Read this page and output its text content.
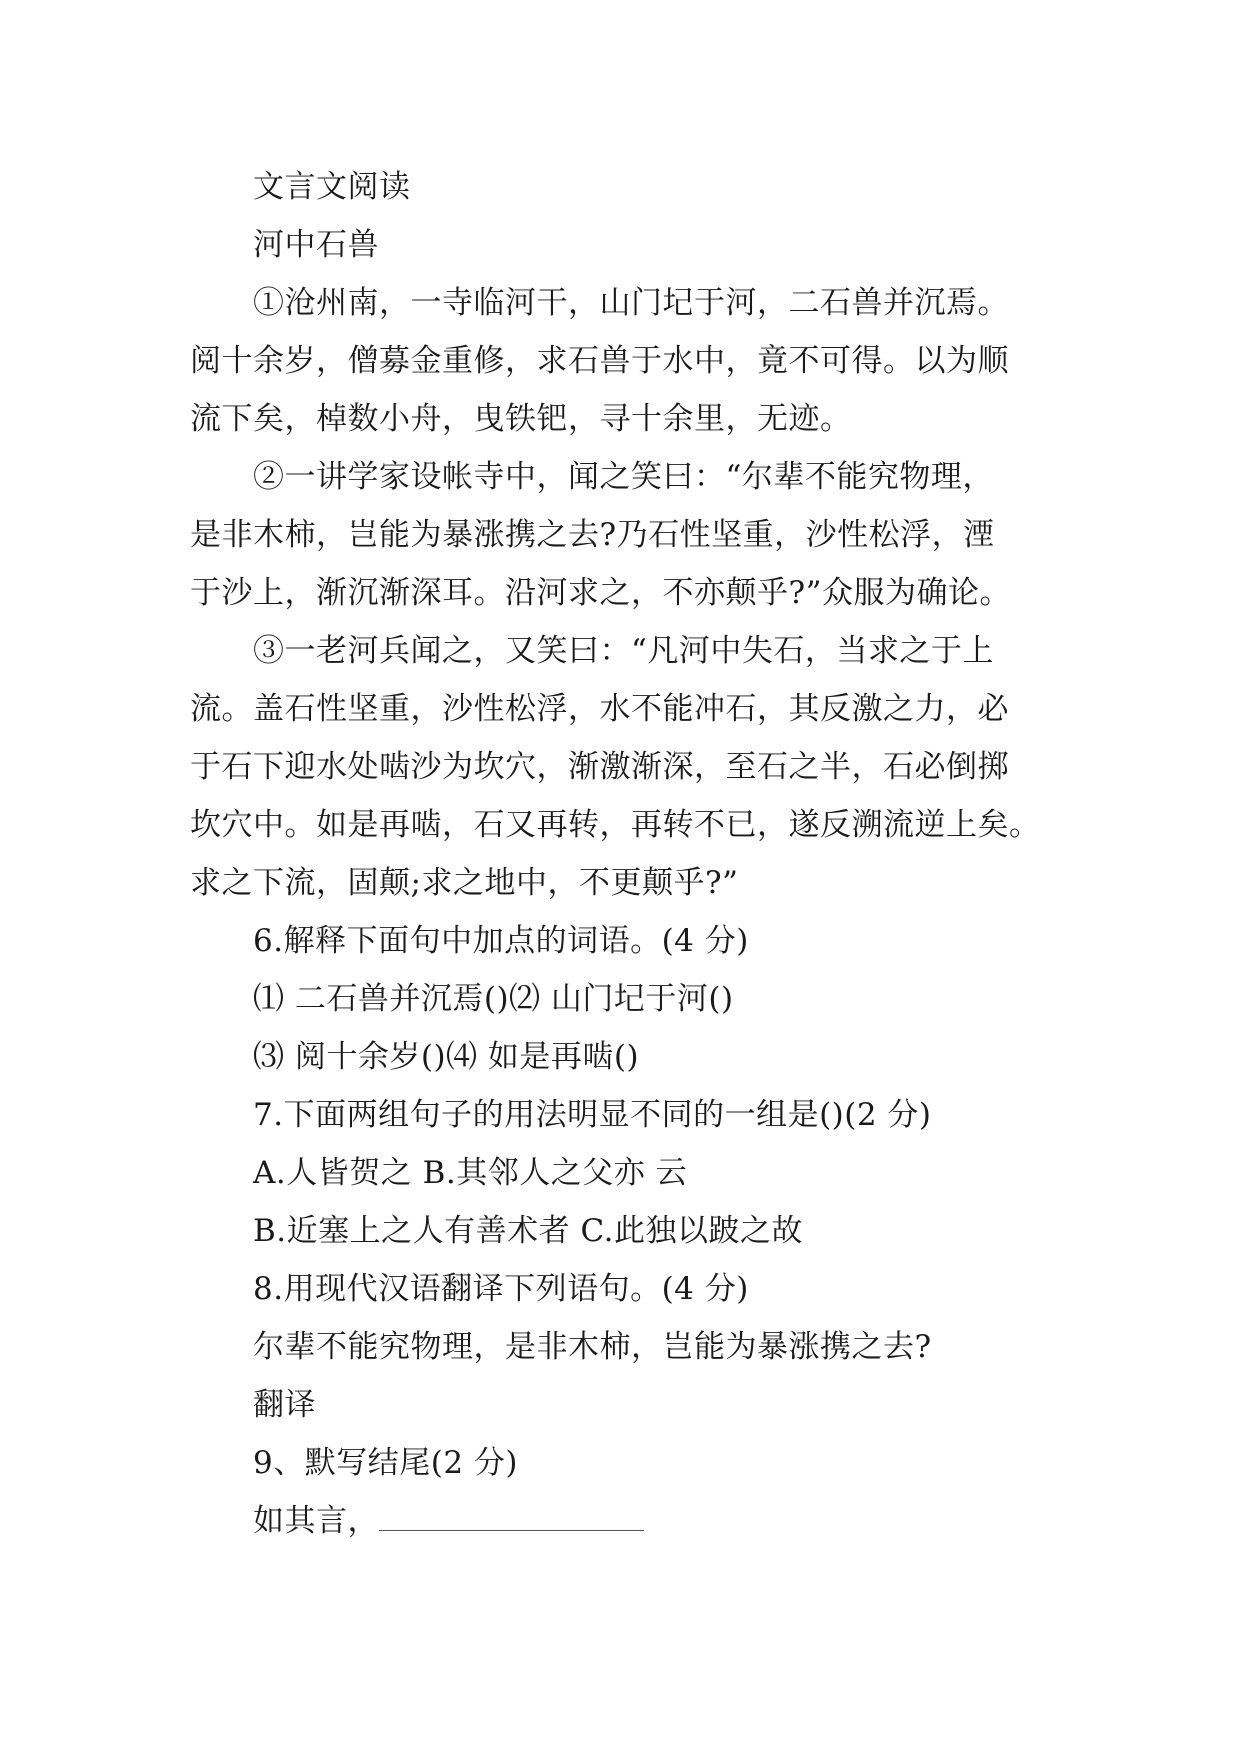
文言文阅读
河中石兽
①沧州南，一寺临河干，山门圮于河，二石兽并沉焉。
阅十余岁，僧募金重修，求石兽于水中，竟不可得。以为顺
流下矣，棹数小舟，曳铁钯，寻十余里，无迹。
②一讲学家设帐寺中，闻之笑曰：“尔辈不能究物理，
是非木柿，岂能为暴涨携之去?乃石性坚重，沙性松浮，湮
于沙上，渐沉渐深耳。沿河求之，不亦颠乎?”众服为确论。
③一老河兵闻之，又笑曰：“凡河中失石，当求之于上
流。盖石性坚重，沙性松浮，水不能冲石，其反激之力，必
于石下迎水处啮沙为坎穴，渐激渐深，至石之半，石必倒掷
坎穴中。如是再啮，石又再转，再转不已，遂反溯流逆上矣。
求之下流，固颠;求之地中，不更颠乎?”
6.解释下面句中加点的词语。(4 分)
⑴ 二石兽并沉焉()⑵ 山门圮于河()
⑶ 阅十余岁()⑷ 如是再啮()
7.下面两组句子的用法明显不同的一组是()(2 分)
A.人皆贺之 B.其邻人之父亦 云
B.近塞上之人有善术者 C.此独以跛之故
8.用现代汉语翻译下列语句。(4 分)
尔辈不能究物理，是非木柿，岂能为暴涨携之去?
翻译
9、默写结尾(2 分)
如其言，
